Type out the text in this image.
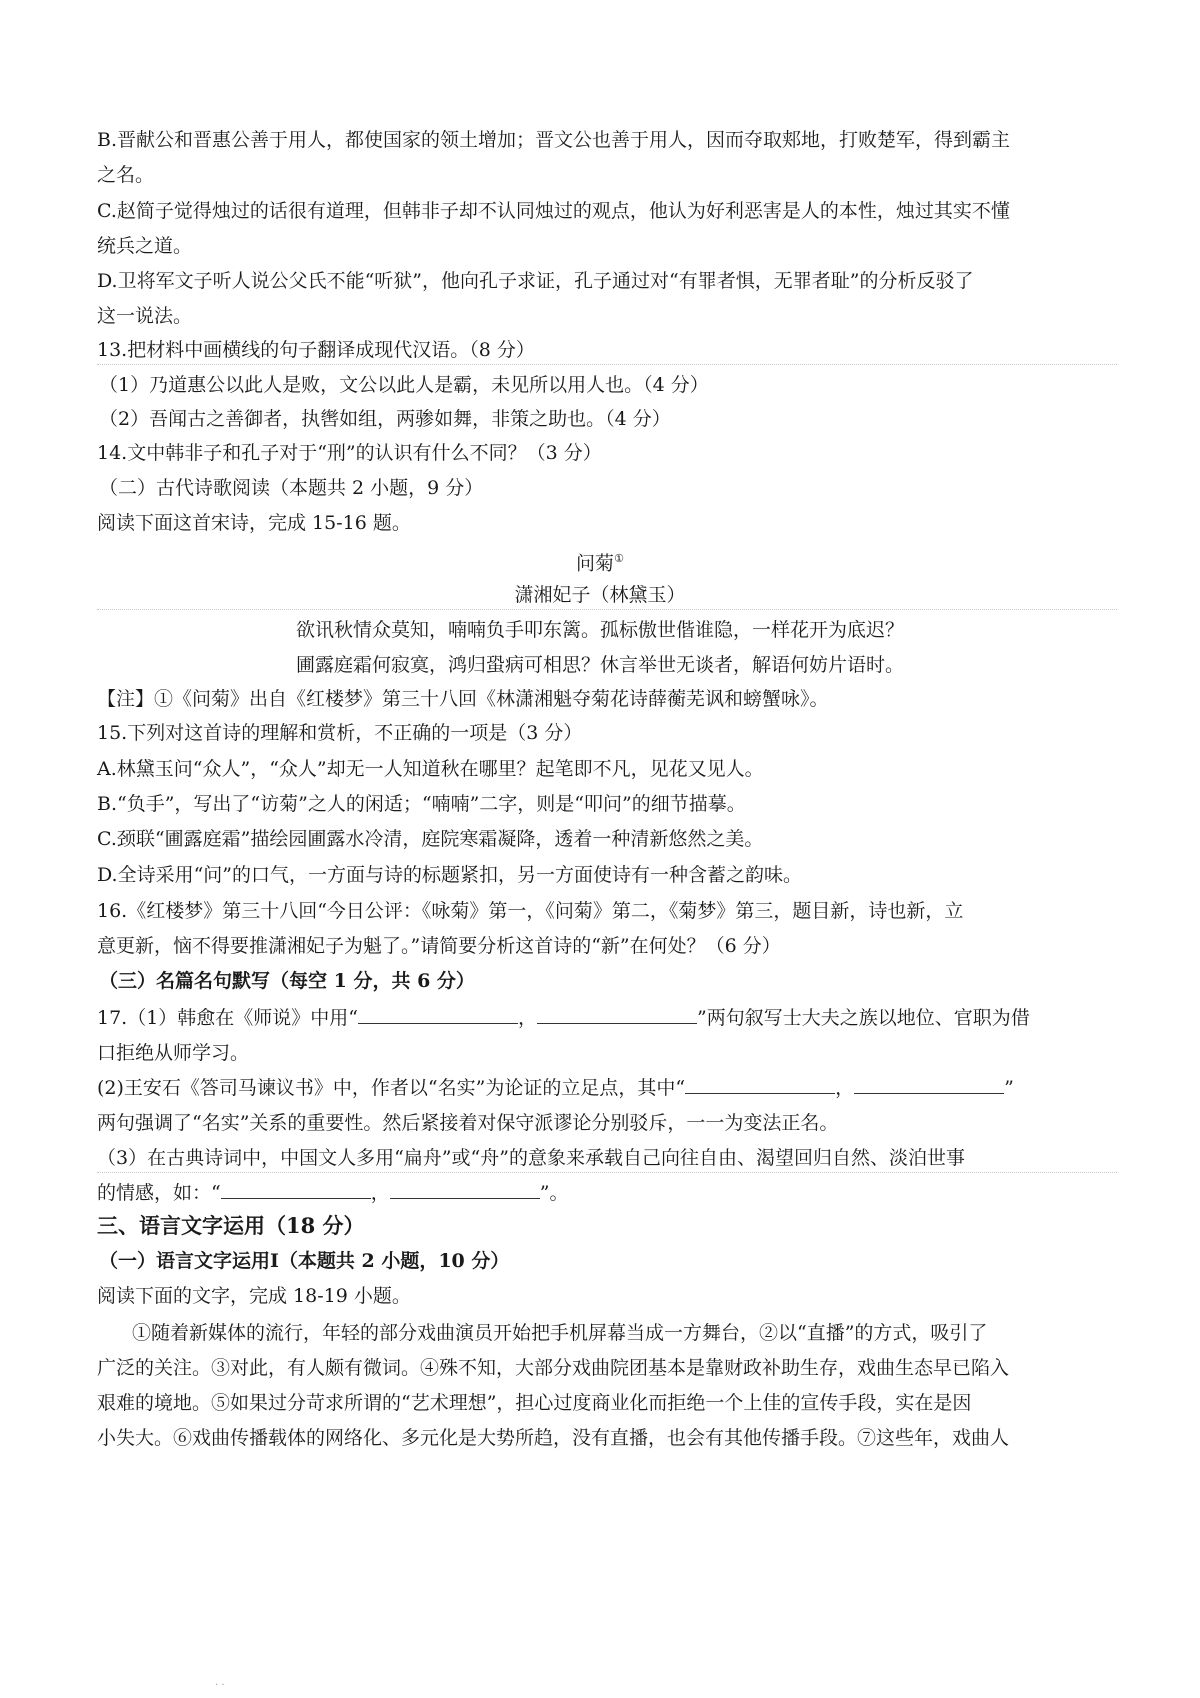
B.晋献公和晋惠公善于用人，都使国家的领土增加；晋文公也善于用人，因而夺取郏地，打败楚军，得到霸主
之名。
C.赵简子觉得烛过的话很有道理，但韩非子却不认同烛过的观点，他认为好利恶害是人的本性，烛过其实不懂
统兵之道。
D.卫将军文子听人说公父氏不能“听狱”，他向孔子求证，孔子通过对“有罪者惧，无罪者耻”的分析反驳了
这一说法。
13.把材料中画横线的句子翻译成现代汉语。（8 分）
（1）乃道惠公以此人是败，文公以此人是霸，未见所以用人也。（4 分）
（2）吾闻古之善御者，执辔如组，两骖如舞，非策之助也。（4 分）
14.文中韩非子和孔子对于“刑”的认识有什么不同？（3 分）
（二）古代诗歌阅读（本题共 2 小题，9 分）
阅读下面这首宋诗，完成 15-16 题。
问菊①
潇湘妃子（林黛玉）
欲讯秋情众莫知，喃喃负手叩东篱。孤标傲世偕谁隐，一样花开为底迟？
圃露庭霜何寂寞，鸿归蛩病可相思？休言举世无谈者，解语何妨片语时。
【注】①《问菊》出自《红楼梦》第三十八回《林潇湘魁夺菊花诗薛蘅芜讽和螃蟹咏》。
15.下列对这首诗的理解和赏析，不正确的一项是（3 分）
A.林黛玉问“众人”，“众人”却无一人知道秋在哪里？起笔即不凡，见花又见人。
B.“负手”，写出了“访菊”之人的闲适；“喃喃”二字，则是“叩问”的细节描摹。
C.颈联“圃露庭霜”描绘园圃露水冷清，庭院寒霜凝降，透着一种清新悠然之美。
D.全诗采用“问”的口气，一方面与诗的标题紧扣，另一方面使诗有一种含蓄之韵味。
16.《红楼梦》第三十八回“今日公评：《咏菊》第一，《问菊》第二，《菊梦》第三，题目新，诗也新，立
意更新，恼不得要推潇湘妃子为魁了。”请简要分析这首诗的“新”在何处？（6 分）
（三）名篇名句默写（每空 1 分，共 6 分）
17.（1）韩愈在《师说》中用“	，	”两句叙写士大夫之族以地位、官职为借
口拒绝从师学习。
(2)王安石《答司马谏议书》中，作者以“名实”为论证的立足点，其中“	，	”
两句强调了“名实”关系的重要性。然后紧接着对保守派谬论分别驳斥，一一为变法正名。
（3）在古典诗词中，中国文人多用“扁舟”或“舟”的意象来承载自己向往自由、渴望回归自然、淡泊世事
的情感，如：“	，	”。
三、语言文字运用（18 分）
（一）语言文字运用Ⅰ（本题共 2 小题，10 分）
阅读下面的文字，完成 18-19 小题。
①随着新媒体的流行，年轻的部分戏曲演员开始把手机屏幕当成一方舞台，②以“直播”的方式，吸引了
广泛的关注。③对此，有人颇有微词。④殊不知，大部分戏曲院团基本是靠财政补助生存，戏曲生态早已陷入
艰难的境地。⑤如果过分苛求所谓的“艺术理想”，担心过度商业化而拒绝一个上佳的宣传手段，实在是因
小失大。⑥戏曲传播载体的网络化、多元化是大势所趋，没有直播，也会有其他传播手段。⑦这些年，戏曲人
. .
